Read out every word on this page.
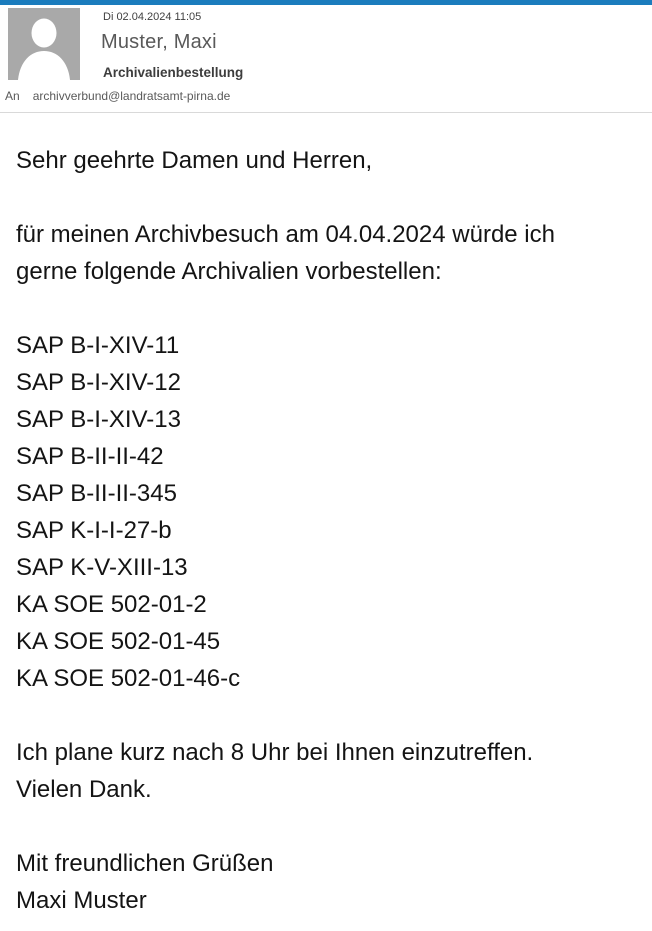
Di 02.04.2024 11:05
Muster, Maxi
Archivalienbestellung
An archivverbund@landratsamt-pirna.de
Sehr geehrte Damen und Herren,
für meinen Archivbesuch am 04.04.2024 würde ich
gerne folgende Archivalien vorbestellen:
SAP B-I-XIV-11
SAP B-I-XIV-12
SAP B-I-XIV-13
SAP B-II-II-42
SAP B-II-II-345
SAP K-I-I-27-b
SAP K-V-XIII-13
KA SOE 502-01-2
KA SOE 502-01-45
KA SOE 502-01-46-c
Ich plane kurz nach 8 Uhr bei Ihnen einzutreffen.
Vielen Dank.
Mit freundlichen Grüßen
Maxi Muster
